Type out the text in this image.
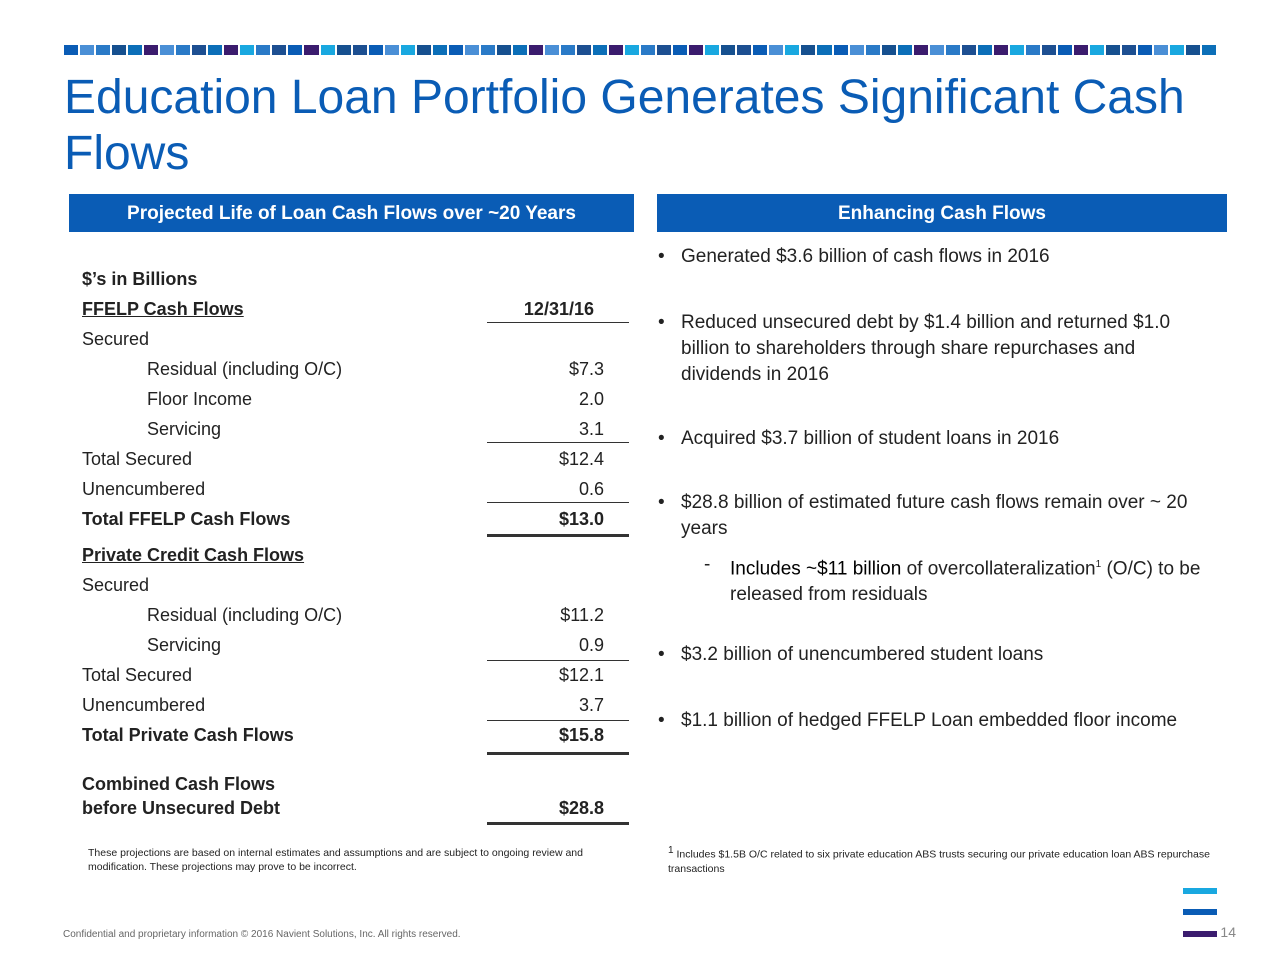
Education Loan Portfolio Generates Significant Cash Flows
Projected Life of Loan Cash Flows over ~20 Years	Enhancing Cash Flows
$’s in Billions
FFELP Cash Flows	12/31/16
Secured
Residual (including O/C)	$7.3
Floor Income	2.0
Servicing	3.1
Total Secured	$12.4
Unencumbered	0.6
Total FFELP Cash Flows	$13.0
Private Credit Cash Flows
Secured
Residual (including O/C)	$11.2
Servicing	0.9
Total Secured	$12.1
Unencumbered	3.7
Total Private Cash Flows	$15.8
Combined Cash Flows
before Unsecured Debt	$28.8
• Generated $3.6 billion of cash flows in 2016
• Reduced unsecured debt by $1.4 billion and returned $1.0 billion to shareholders through share repurchases and dividends in 2016
• Acquired $3.7 billion of student loans in 2016
• $28.8 billion of estimated future cash flows remain over ~ 20 years
- Includes ~$11 billion of overcollateralization$^1$ (O/C) to be released from residuals
• $3.2 billion of unencumbered student loans
• $1.1 billion of hedged FFELP Loan embedded floor income
These projections are based on internal estimates and assumptions and are subject to ongoing review and modification. These projections may prove to be incorrect.
$^1$ Includes $1.5B O/C related to six private education ABS trusts securing our private education loan ABS repurchase transactions
Confidential and proprietary information © 2016 Navient Solutions, Inc. All rights reserved.	14
